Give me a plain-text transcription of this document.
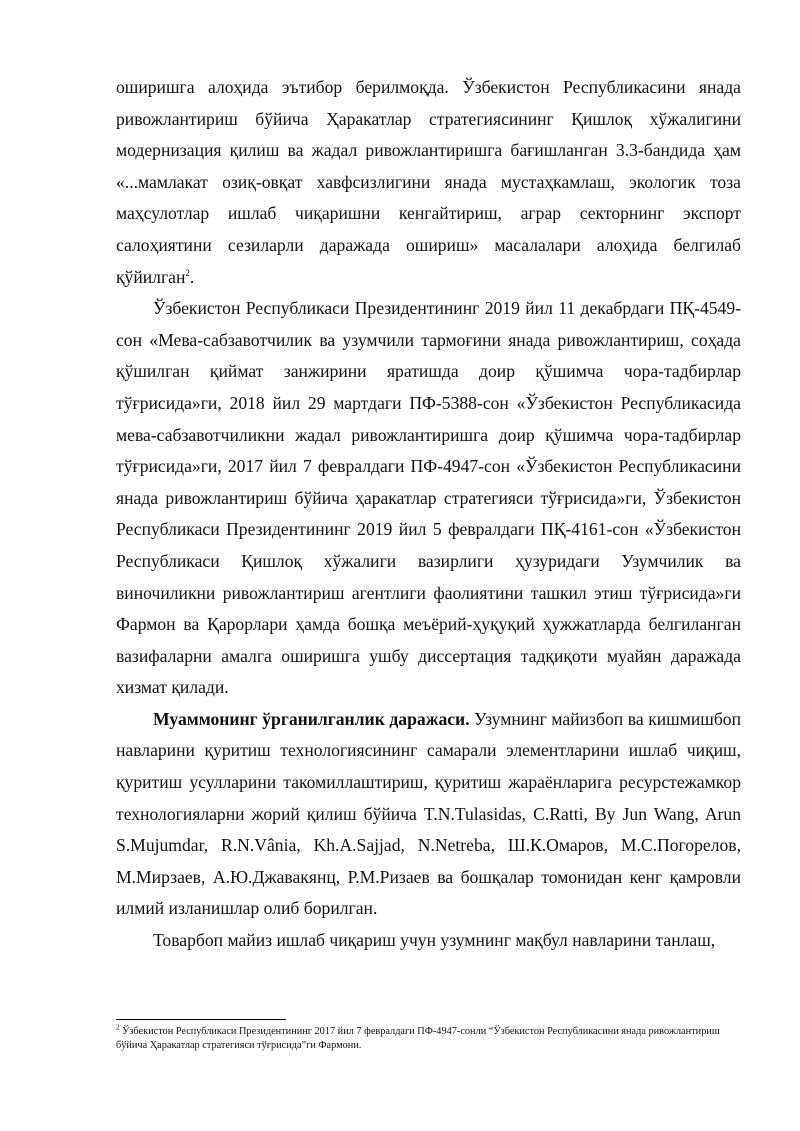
оширишга алоҳида эътибор берилмоқда. Ўзбекистон Республикасини янада ривожлантириш бўйича Ҳаракатлар стратегиясининг Қишлоқ хўжалигини модернизация қилиш ва жадал ривожлантиришга бағишланган 3.3-бандида ҳам «...мамлакат озиқ-овқат хавфсизлигини янада мустаҳкамлаш, экологик тоза маҳсулотлар ишлаб чиқаришни кенгайтириш, аграр секторнинг экспорт салоҳиятини сезиларли даражада ошириш» масалалари алоҳида белгилаб қўйилган$^2$.

Ўзбекистон Республикаси Президентининг 2019 йил 11 декабрдаги ПҚ-4549-сон «Мева-сабзавотчилик ва узумчили тармоғини янада ривожлантириш, соҳада қўшилган қиймат занжирини яратишда доир қўшимча чора-тадбирлар тўғрисида»ги, 2018 йил 29 мартдаги ПФ-5388-сон «Ўзбекистон Республикасида мева-сабзавотчиликни жадал ривожлантиришга доир қўшимча чора-тадбирлар тўғрисида»ги, 2017 йил 7 февралдаги ПФ-4947-сон «Ўзбекистон Республикасини янада ривожлантириш бўйича ҳаракатлар стратегияси тўғрисида»ги, Ўзбекистон Республикаси Президентининг 2019 йил 5 февралдаги ПҚ-4161-сон «Ўзбекистон Республикаси Қишлоқ хўжалиги вазирлиги ҳузуридаги Узумчилик ва виночиликни ривожлантириш агентлиги фаолиятини ташкил этиш тўғрисида»ги Фармон ва Қарорлари ҳамда бошқа меъёрий-ҳуқуқий ҳужжатларда белгиланган вазифаларни амалга оширишга ушбу диссертация тадқиқоти муайян даражада хизмат қилади.

Муаммонинг ўрганилганлик даражаси. Узумнинг майизбоп ва кишмишбоп навларини қуритиш технологиясининг самарали элементларини ишлаб чиқиш, қуритиш усулларини такомиллаштириш, қуритиш жараёнларига ресурстежамкор технологияларни жорий қилиш бўйича T.N.Tulasidas, C.Ratti, By Jun Wang, Arun S.Mujumdar, R.N.Vânia, Kh.A.Sajjad, N.Netreba, Ш.К.Омаров, М.С.Погорелов, М.Мирзаев, А.Ю.Джавакянц, Р.М.Ризаев ва бошқалар томонидан кенг қамровли илмий изланишлар олиб борилган.

Товарбоп майиз ишлаб чиқариш учун узумнинг мақбул навларини танлаш,

$^2$ Ўзбекистон Республикаси Президентининг 2017 йил 7 февралдаги ПФ-4947-сонли “Ўзбекистон Республикасини янада ривожлантириш бўйича Ҳаракатлар стратегияси тўғрисида”ги Фармони.
